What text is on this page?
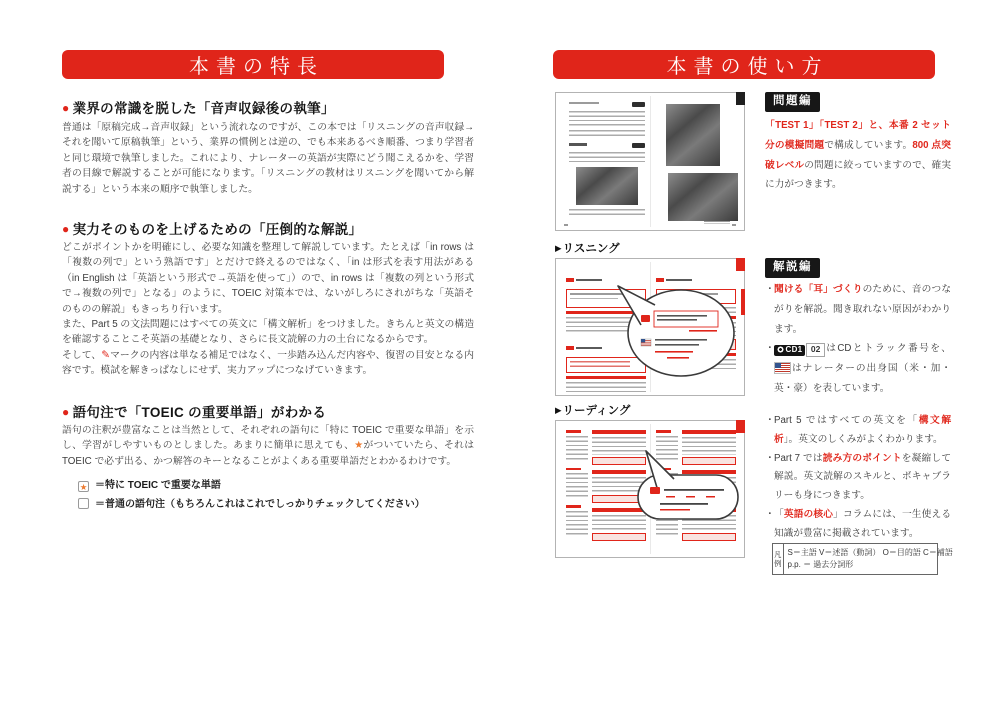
本書の特長
● 業界の常識を脱した「音声収録後の執筆」
普通は「原稿完成→音声収録」という流れなのですが、この本では「リスニングの音声収録→それを聞いて原稿執筆」という、業界の慣例とは逆の、でも本来あるべき順番、つまり学習者と同じ環境で執筆しました。これにより、ナレーターの英語が実際にどう聞こえるかを、学習者の目線で解説することが可能になります。「リスニングの教材はリスニングを聞いてから解説する」という本来の順序で執筆しました。
● 実力そのものを上げるための「圧倒的な解説」
どこがポイントかを明確にし、必要な知識を整理して解説しています。たとえば「in rows は「複数の列で」という熟語です」とだけで終えるのではなく、「in は形式を表す用法がある（in English は「英語という形式で→英語を使って」）ので、in rows は「複数の列という形式で→複数の列で」となる」のように、TOEIC 対策本では、ないがしろにされがちな「英語そのものの解説」もきっちり行います。
また、Part 5 の文法問題にはすべての英文に「構文解析」をつけました。きちんと英文の構造を確認することこそ英語の基礎となり、さらに長文読解の力の土台になるからです。
そして、✎マークの内容は単なる補足ではなく、一歩踏み込んだ内容や、復習の目安となる内容です。模試を解きっぱなしにせず、実力アップにつなげていきます。
● 語句注で「TOEIC の重要単語」がわかる
語句の注釈が豊富なことは当然として、それぞれの語句に「特に TOEIC で重要な単語」を示し、学習がしやすいものとしました。あまりに簡単に思えても、★がついていたら、それは TOEIC で必ず出る、かつ解答のキーとなることがよくある重要単語だとわかるわけです。
★ ＝特に TOEIC で重要な単語
＝普通の語句注（もちろんこれはこれでしっかりチェックしてください）
本書の使い方
問題編
「TEST 1」「TEST 2」と、本番 2 セット分の模擬問題で構成しています。800 点突破レベルの問題に絞っていますので、確実に力がつきます。
▶リスニング
解説編
・ 聞ける「耳」づくりのために、音のつながりを解説。聞き取れない原因がわかります。
・ CD1 02 はCDとトラック番号を、はナレーターの出身国（米・加・英・豪）を表しています。
▶リーディング
・ Part 5 ではすべての英文を「構文解析」。英文のしくみがよくわかります。
・ Part 7 では読み方のポイントを凝縮して解説。英文読解のスキルと、ボキャブラリーも身につきます。
・ 「英語の核心」コラムには、一生使える知識が豊富に掲載されています。
凡例
S＝主語 V＝述語（動詞） O＝目的語 C＝補語
p.p. ＝ 過去分詞形
